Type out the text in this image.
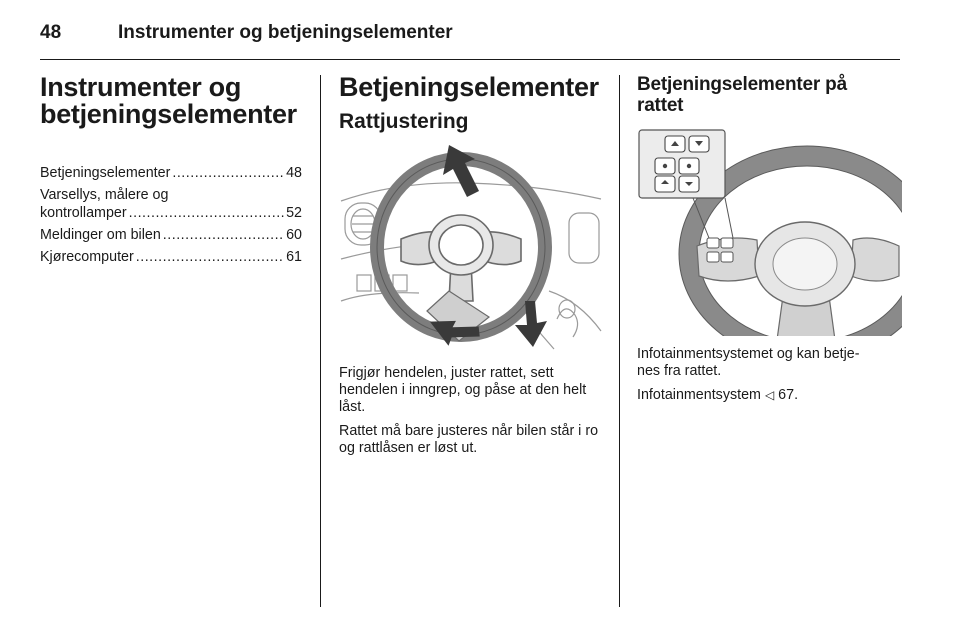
48	Instrumenter og betjeningselementer
Instrumenter og
betjeningselementer
Betjeningselementer .....	48
Varsellys, målere og
kontrollamper .....	52
Meldinger om bilen .....	60
Kjørecomputer .....	61
Betjeningselementer
Rattjustering

Frigjør hendelen, juster rattet, sett hendelen i inngrep, og påse at den helt låst.

Rattet må bare justeres når bilen står i ro og rattlåsen er løst ut.

Betjeningselementer på
rattet

Infotainmentsystemet og kan betje-
nes fra rattet.

Infotainmentsystem ◁ 67.
